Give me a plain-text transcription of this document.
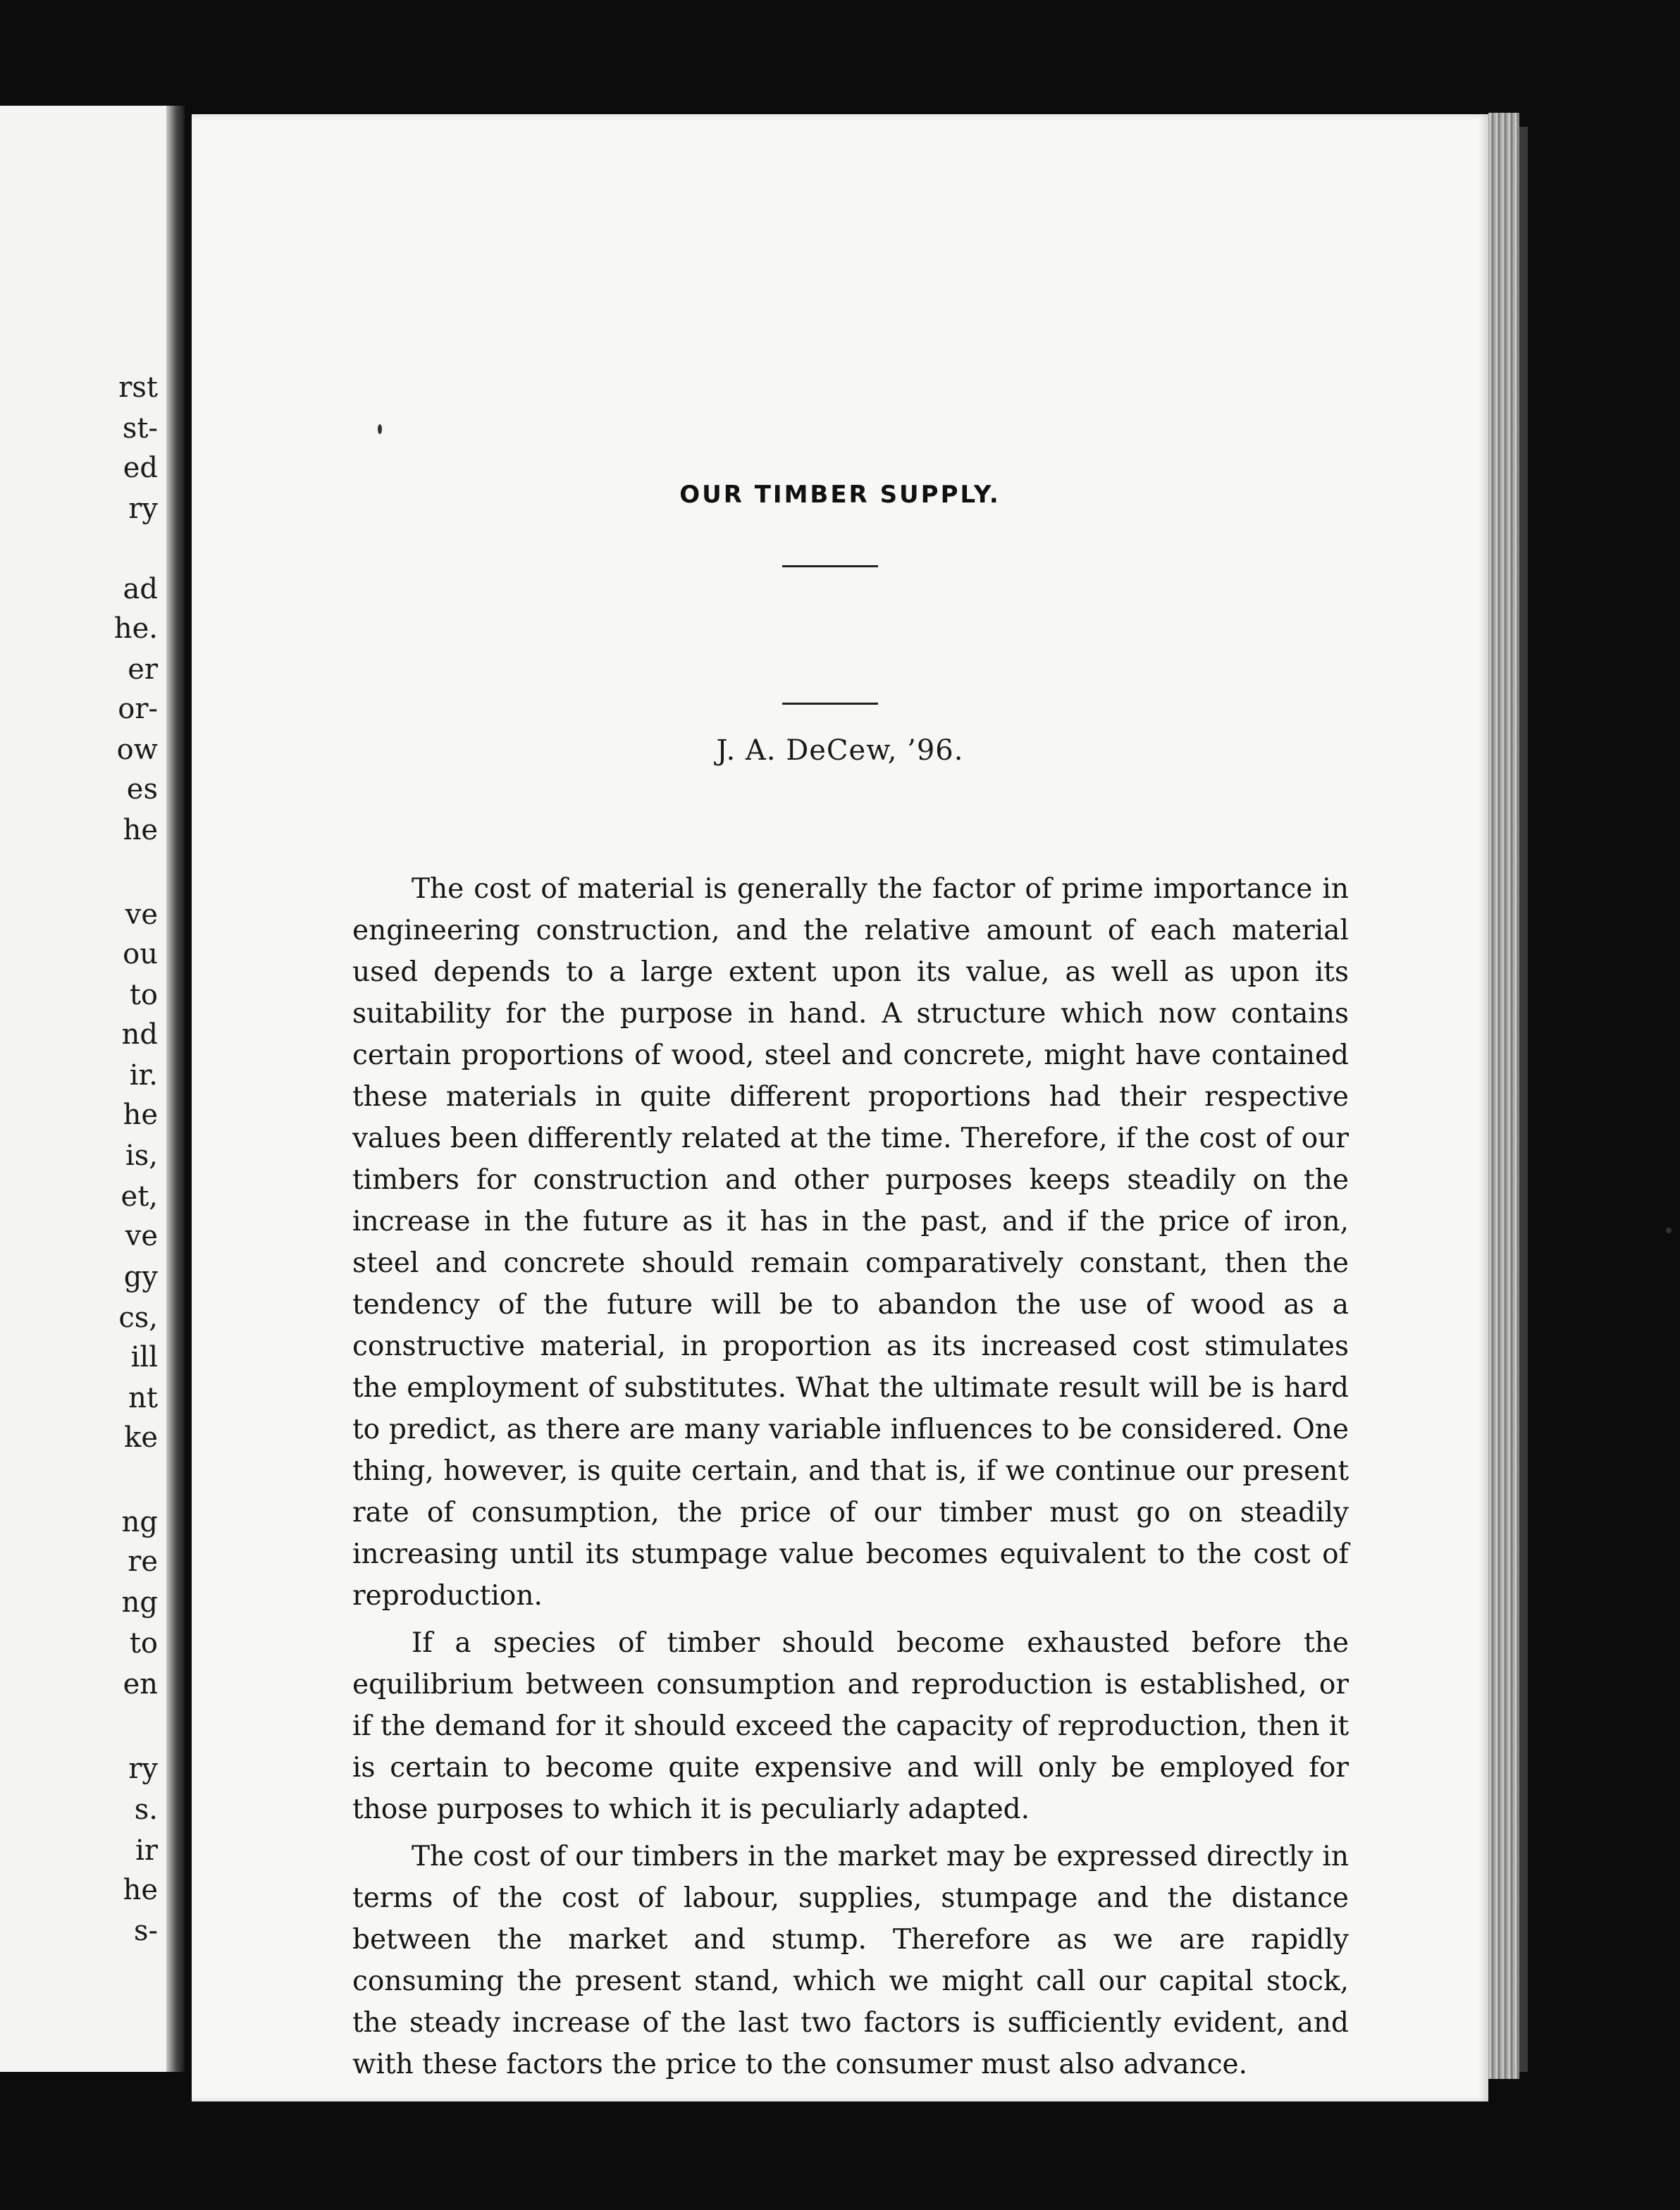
rst
st-
ed
ry
ad
he.
er
or-
ow
es
he
ve
ou
to
nd
ir.
he
is,
et,
ve
gy
cs,
ill
nt
ke
ng
re
ng
to
en
ry
s.
ir
he
s-
OUR TIMBER SUPPLY.
J. A. DeCew, ’96.

The cost of material is generally the factor of prime importance in engineering construction, and the relative amount of each material used depends to a large extent upon its value, as well as upon its suitability for the purpose in hand. A structure which now contains certain proportions of wood, steel and concrete, might have contained these materials in quite different proportions had their respective values been differently related at the time. Therefore, if the cost of our timbers for construction and other purposes keeps steadily on the increase in the future as it has in the past, and if the price of iron, steel and concrete should remain comparatively constant, then the tendency of the future will be to abandon the use of wood as a constructive material, in proportion as its increased cost stimulates the employment of substitutes. What the ultimate result will be is hard to predict, as there are many variable influences to be considered. One thing, however, is quite certain, and that is, if we continue our present rate of consumption, the price of our timber must go on steadily increasing until its stumpage value becomes equivalent to the cost of reproduction.

If a species of timber should become exhausted before the equilibrium between consumption and reproduction is established, or if the demand for it should exceed the capacity of reproduction, then it is certain to become quite expensive and will only be employed for those purposes to which it is peculiarly adapted.

The cost of our timbers in the market may be expressed directly in terms of the cost of labour, supplies, stumpage and the distance between the market and stump. Therefore as we are rapidly consuming the present stand, which we might call our capital stock, the steady increase of the last two factors is sufficiently evident, and with these factors the price to the consumer must also advance.
